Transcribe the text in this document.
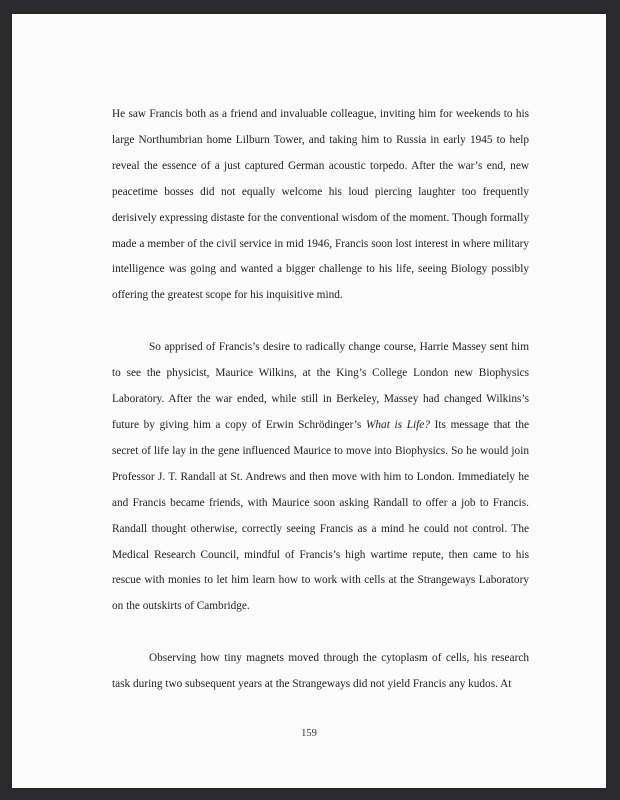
He saw Francis both as a friend and invaluable colleague, inviting him for weekends to his large Northumbrian home Lilburn Tower, and taking him to Russia in early 1945 to help reveal the essence of a just captured German acoustic torpedo. After the war’s end, new peacetime bosses did not equally welcome his loud piercing laughter too frequently derisively expressing distaste for the conventional wisdom of the moment. Though formally made a member of the civil service in mid 1946, Francis soon lost interest in where military intelligence was going and wanted a bigger challenge to his life, seeing Biology possibly offering the greatest scope for his inquisitive mind.

So apprised of Francis’s desire to radically change course, Harrie Massey sent him to see the physicist, Maurice Wilkins, at the King’s College London new Biophysics Laboratory. After the war ended, while still in Berkeley, Massey had changed Wilkins’s future by giving him a copy of Erwin Schrödinger’s What is Life? Its message that the secret of life lay in the gene influenced Maurice to move into Biophysics. So he would join Professor J. T. Randall at St. Andrews and then move with him to London. Immediately he and Francis became friends, with Maurice soon asking Randall to offer a job to Francis. Randall thought otherwise, correctly seeing Francis as a mind he could not control. The Medical Research Council, mindful of Francis’s high wartime repute, then came to his rescue with monies to let him learn how to work with cells at the Strangeways Laboratory on the outskirts of Cambridge.

Observing how tiny magnets moved through the cytoplasm of cells, his research task during two subsequent years at the Strangeways did not yield Francis any kudos. At

159
